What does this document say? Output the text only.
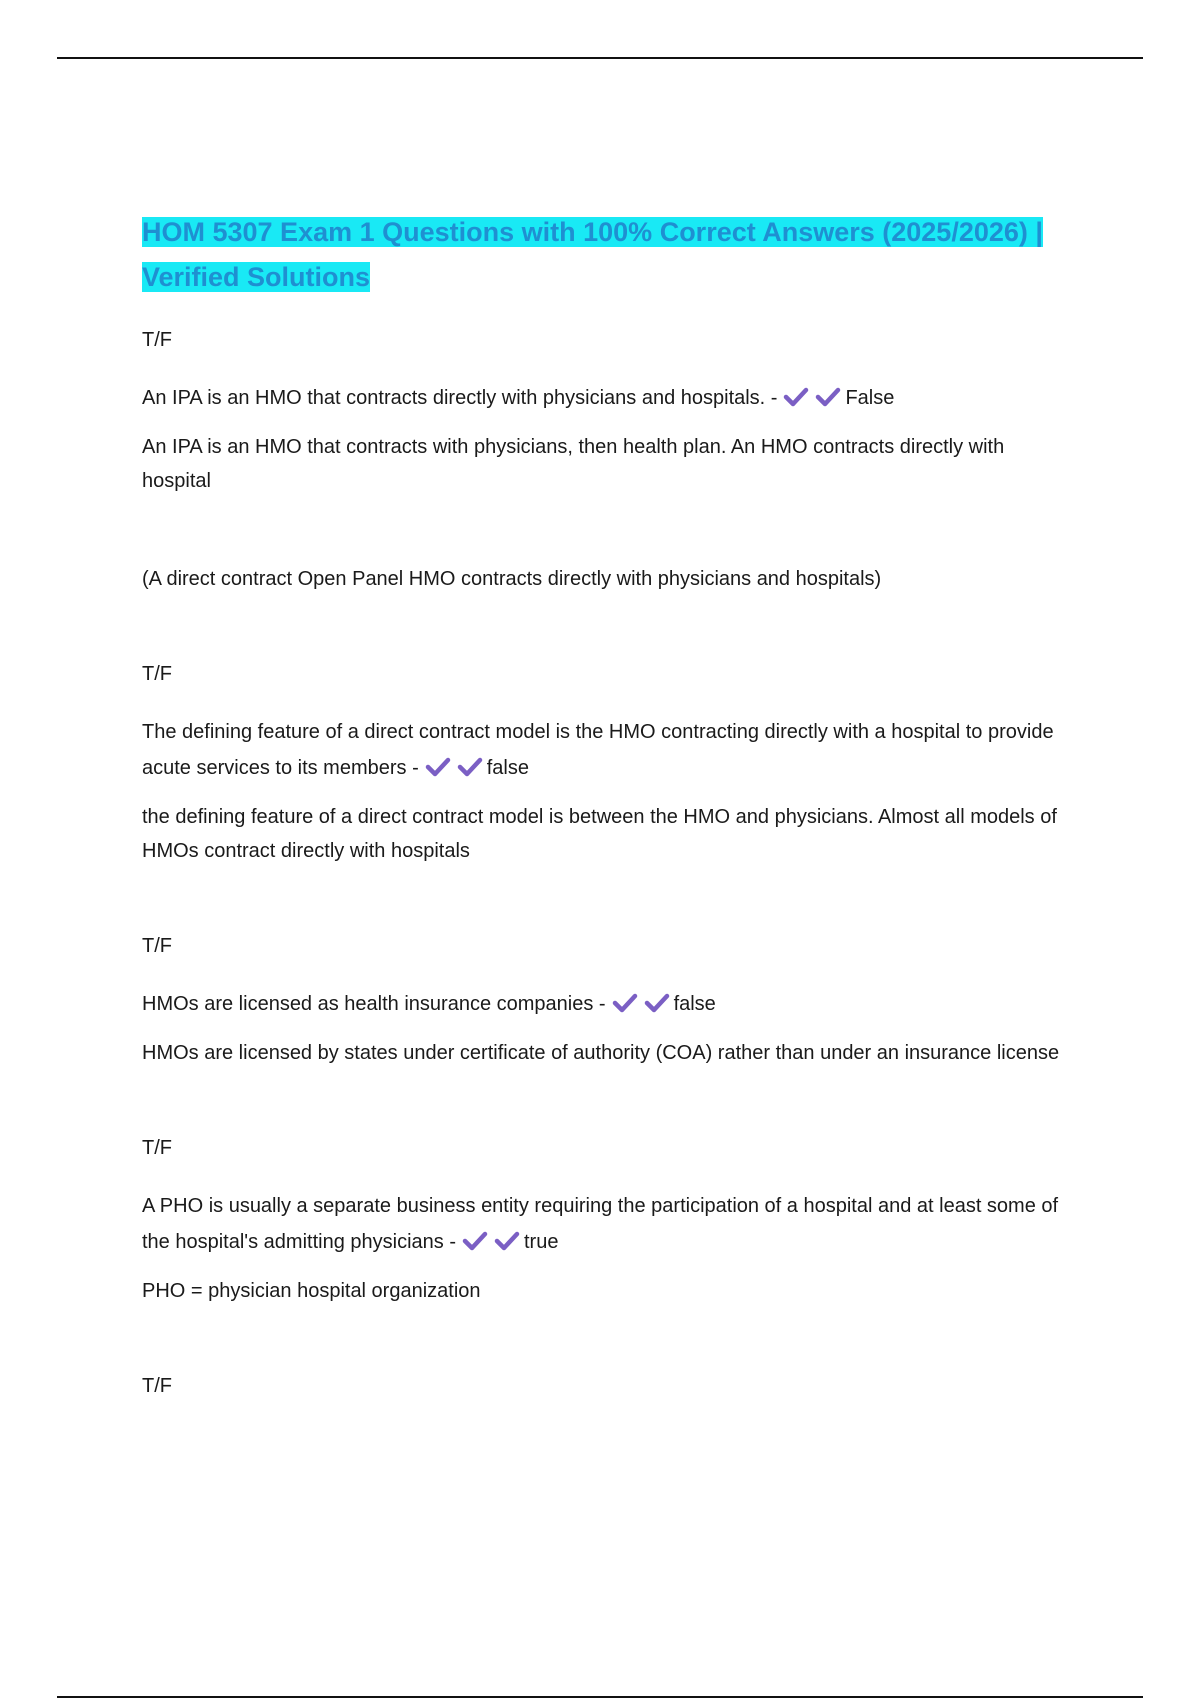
HOM 5307 Exam 1 Questions with 100% Correct Answers (2025/2026) | Verified Solutions

T/F

An IPA is an HMO that contracts directly with physicians and hospitals. -	False

An IPA is an HMO that contracts with physicians, then health plan. An HMO contracts directly with hospital

(A direct contract Open Panel HMO contracts directly with physicians and hospitals)

T/F

The defining feature of a direct contract model is the HMO contracting directly with a hospital to provide acute services to its members -	false

the defining feature of a direct contract model is between the HMO and physicians. Almost all models of HMOs contract directly with hospitals

T/F

HMOs are licensed as health insurance companies -	false

HMOs are licensed by states under certificate of authority (COA) rather than under an insurance license

T/F

A PHO is usually a separate business entity requiring the participation of a hospital and at least some of the hospital's admitting physicians -	true

PHO = physician hospital organization

T/F
